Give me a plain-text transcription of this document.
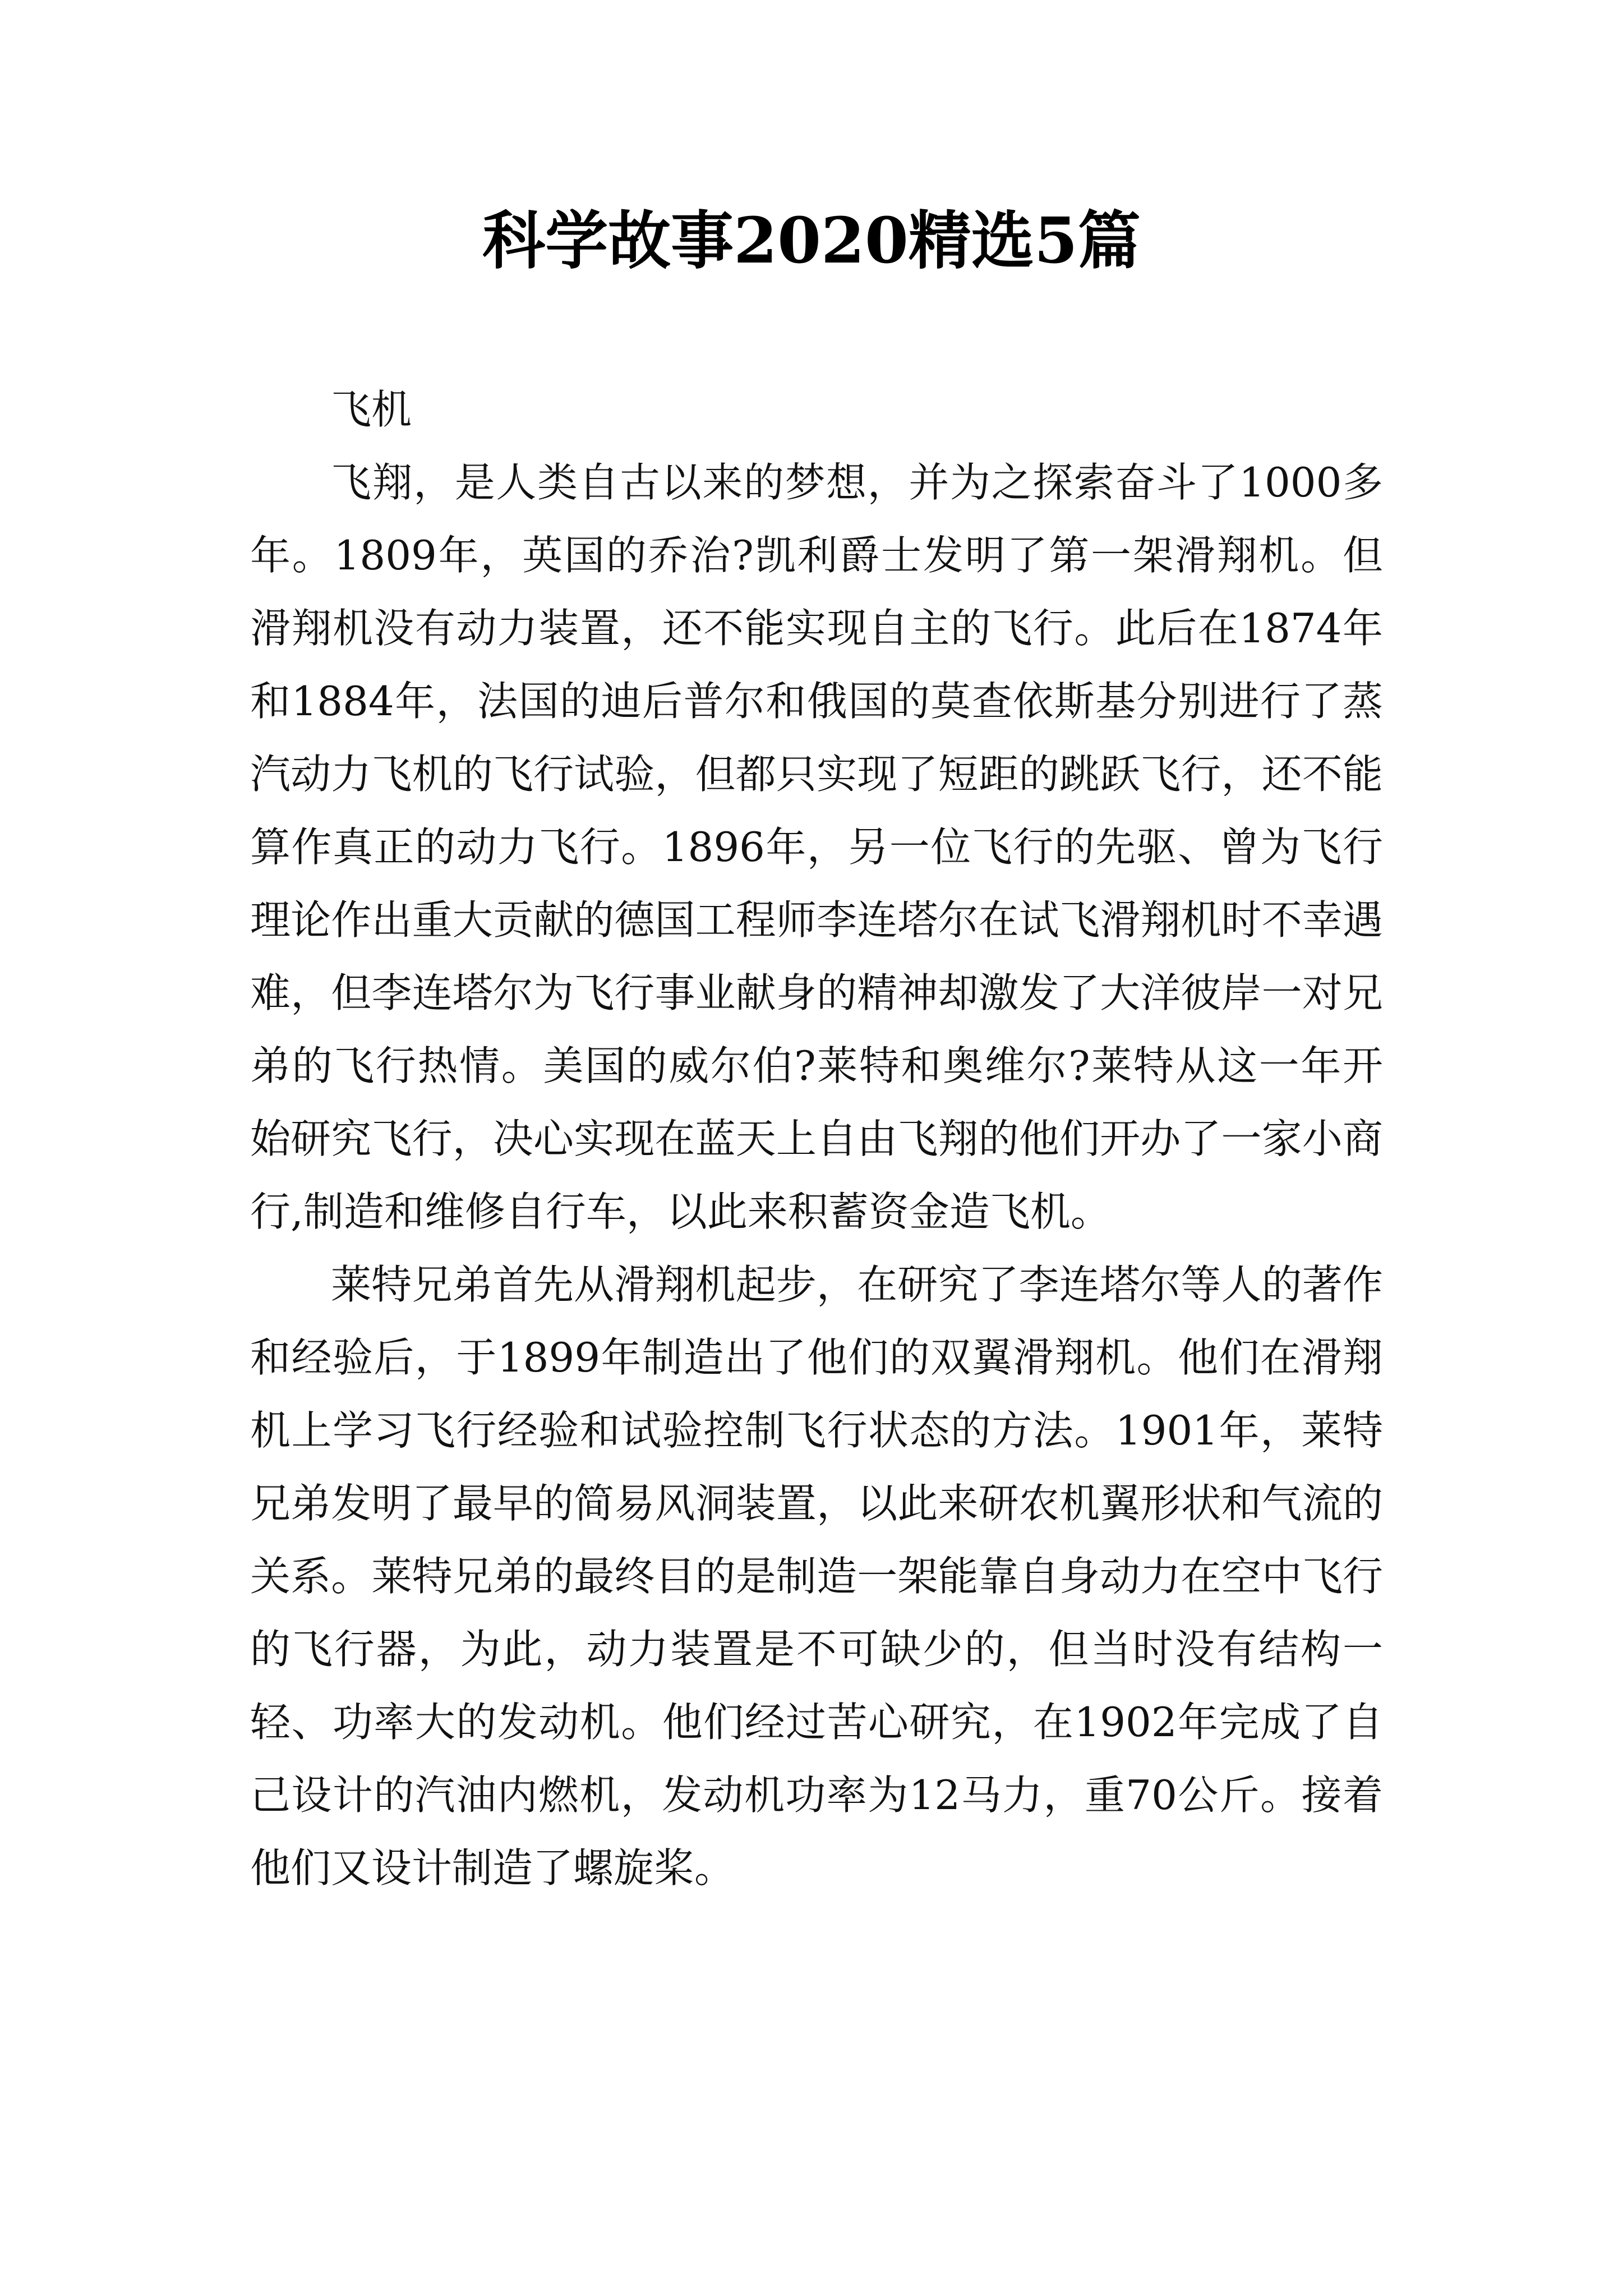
科学故事2020精选5篇

飞机

飞翔，是人类自古以来的梦想，并为之探索奋斗了1000多年。1809年，英国的乔治?凯利爵士发明了第一架滑翔机。但滑翔机没有动力装置，还不能实现自主的飞行。此后在1874年和1884年，法国的迪后普尔和俄国的莫查依斯基分别进行了蒸汽动力飞机的飞行试验，但都只实现了短距的跳跃飞行，还不能算作真正的动力飞行。1896年，另一位飞行的先驱、曾为飞行理论作出重大贡献的德国工程师李连塔尔在试飞滑翔机时不幸遇难，但李连塔尔为飞行事业献身的精神却激发了大洋彼岸一对兄弟的飞行热情。美国的威尔伯?莱特和奥维尔?莱特从这一年开始研究飞行，决心实现在蓝天上自由飞翔的他们开办了一家小商行,制造和维修自行车，以此来积蓄资金造飞机。

莱特兄弟首先从滑翔机起步，在研究了李连塔尔等人的著作和经验后，于1899年制造出了他们的双翼滑翔机。他们在滑翔机上学习飞行经验和试验控制飞行状态的方法。1901年，莱特兄弟发明了最早的简易风洞装置，以此来研农机翼形状和气流的关系。莱特兄弟的最终目的是制造一架能靠自身动力在空中飞行的飞行器，为此，动力装置是不可缺少的，但当时没有结构一轻、功率大的发动机。他们经过苦心研究，在1902年完成了自己设计的汽油内燃机，发动机功率为12马力，重70公斤。接着他们又设计制造了螺旋桨。
